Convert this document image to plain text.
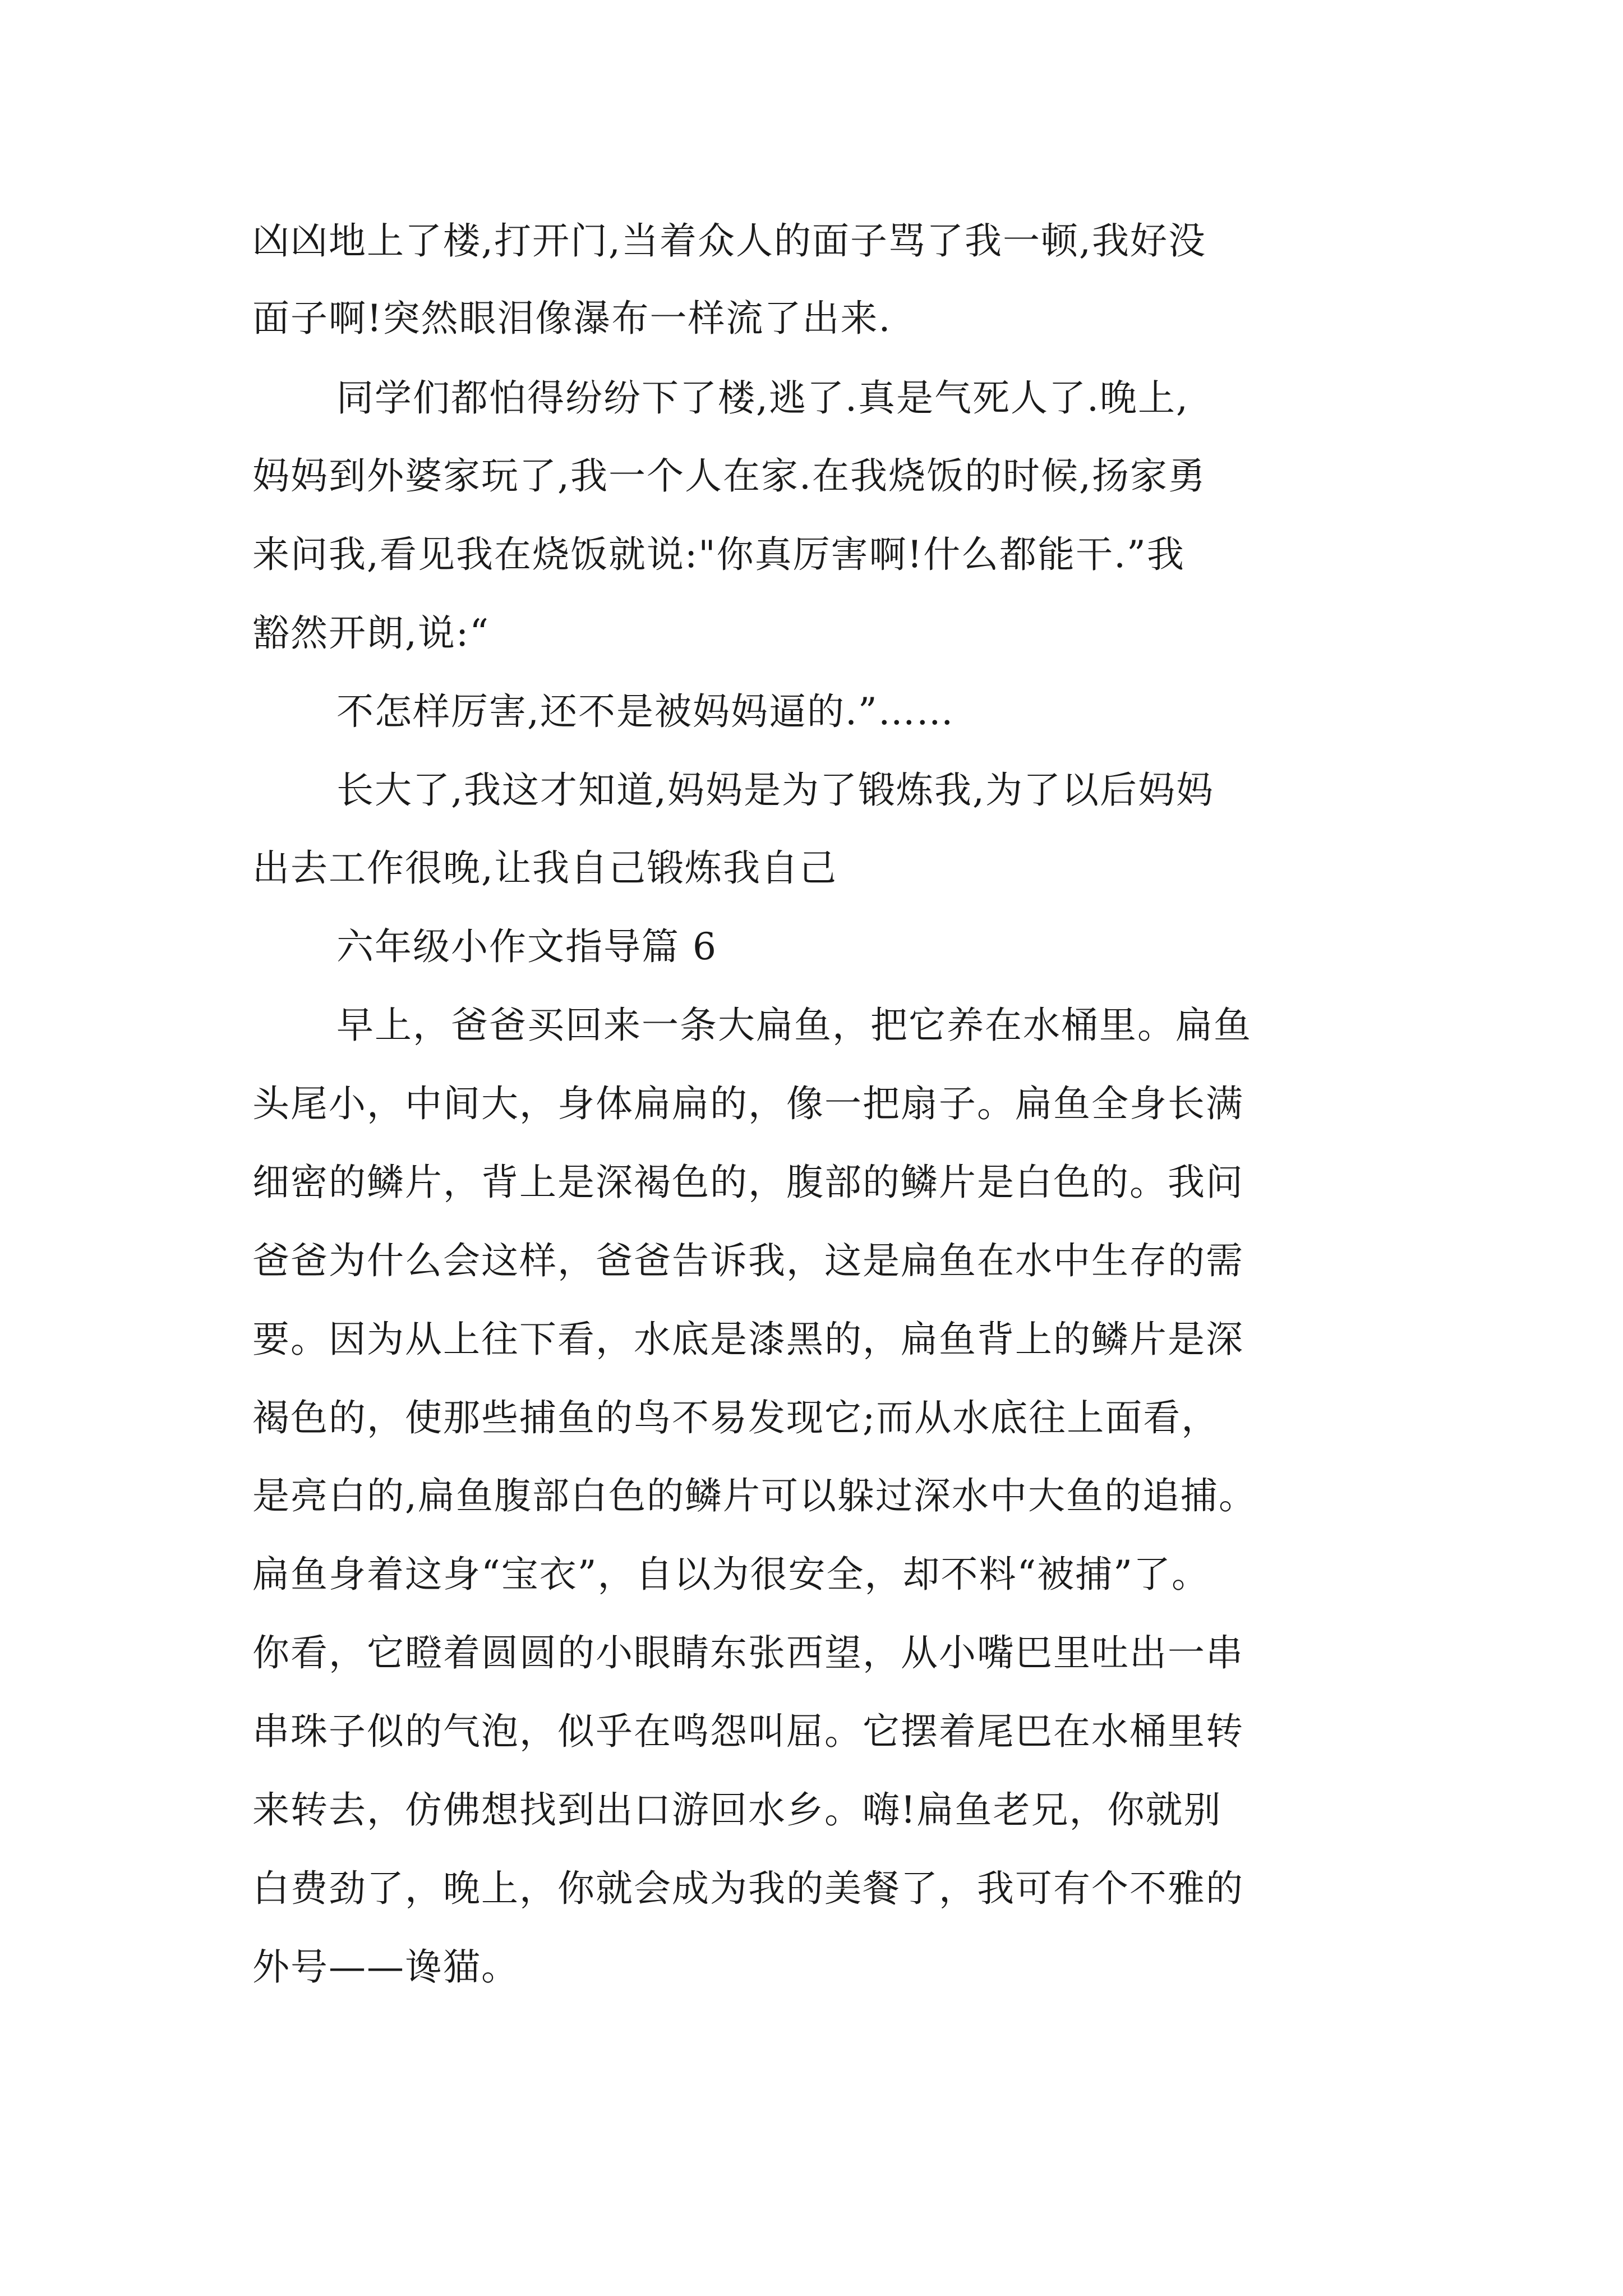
凶凶地上了楼,打开门,当着众人的面子骂了我一顿,我好没
面子啊!突然眼泪像瀑布一样流了出来.
同学们都怕得纷纷下了楼,逃了.真是气死人了.晚上,
妈妈到外婆家玩了,我一个人在家.在我烧饭的时候,扬家勇
来问我,看见我在烧饭就说:"你真厉害啊!什么都能干.”我
豁然开朗,说:“
不怎样厉害,还不是被妈妈逼的.”……
长大了,我这才知道,妈妈是为了锻炼我,为了以后妈妈
出去工作很晚,让我自己锻炼我自己
六年级小作文指导篇 6
早上，爸爸买回来一条大扁鱼，把它养在水桶里。扁鱼
头尾小，中间大，身体扁扁的，像一把扇子。扁鱼全身长满
细密的鳞片，背上是深褐色的，腹部的鳞片是白色的。我问
爸爸为什么会这样，爸爸告诉我，这是扁鱼在水中生存的需
要。因为从上往下看，水底是漆黑的，扁鱼背上的鳞片是深
褐色的，使那些捕鱼的鸟不易发现它;而从水底往上面看，
是亮白的,扁鱼腹部白色的鳞片可以躲过深水中大鱼的追捕。
扁鱼身着这身“宝衣”，自以为很安全，却不料“被捕”了。
你看，它瞪着圆圆的小眼睛东张西望，从小嘴巴里吐出一串
串珠子似的气泡，似乎在鸣怨叫屈。它摆着尾巴在水桶里转
来转去，仿佛想找到出口游回水乡。嗨!扁鱼老兄，你就别
白费劲了，晚上，你就会成为我的美餐了，我可有个不雅的
外号——谗猫。
